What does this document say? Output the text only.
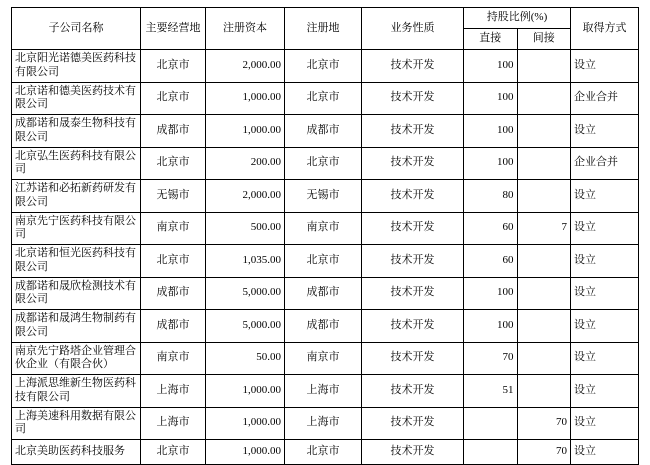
子公司名称	主要经营地	注册资本	注册地	业务性质	持股比例(%)		取得方式
					直接	间接	
北京阳光诺德美医药科技有限公司	北京市	2,000.00	北京市	技术开发	100		设立
北京诺和德美医药技术有限公司	北京市	1,000.00	北京市	技术开发	100		企业合并
成都诺和晟泰生物科技有限公司	成都市	1,000.00	成都市	技术开发	100		设立
北京弘生医药科技有限公司	北京市	200.00	北京市	技术开发	100		企业合并
江苏诺和必拓新药研发有限公司	无锡市	2,000.00	无锡市	技术开发	80		设立
南京先宁医药科技有限公司	南京市	500.00	南京市	技术开发	60	7	设立
北京诺和恒光医药科技有限公司	北京市	1,035.00	北京市	技术开发	60		设立
成都诺和晟欣检测技术有限公司	成都市	5,000.00	成都市	技术开发	100		设立
成都诺和晟鸿生物制药有限公司	成都市	5,000.00	成都市	技术开发	100		设立
南京先宁路塔企业管理合伙企业（有限合伙）	南京市	50.00	南京市	技术开发	70		设立
上海派思维新生物医药科技有限公司	上海市	1,000.00	上海市	技术开发	51		设立
上海美速科用数据有限公司	上海市	1,000.00	上海市	技术开发		70	设立
北京美助医药科技服务	北京市	1,000.00	北京市	技术开发		70	设立
